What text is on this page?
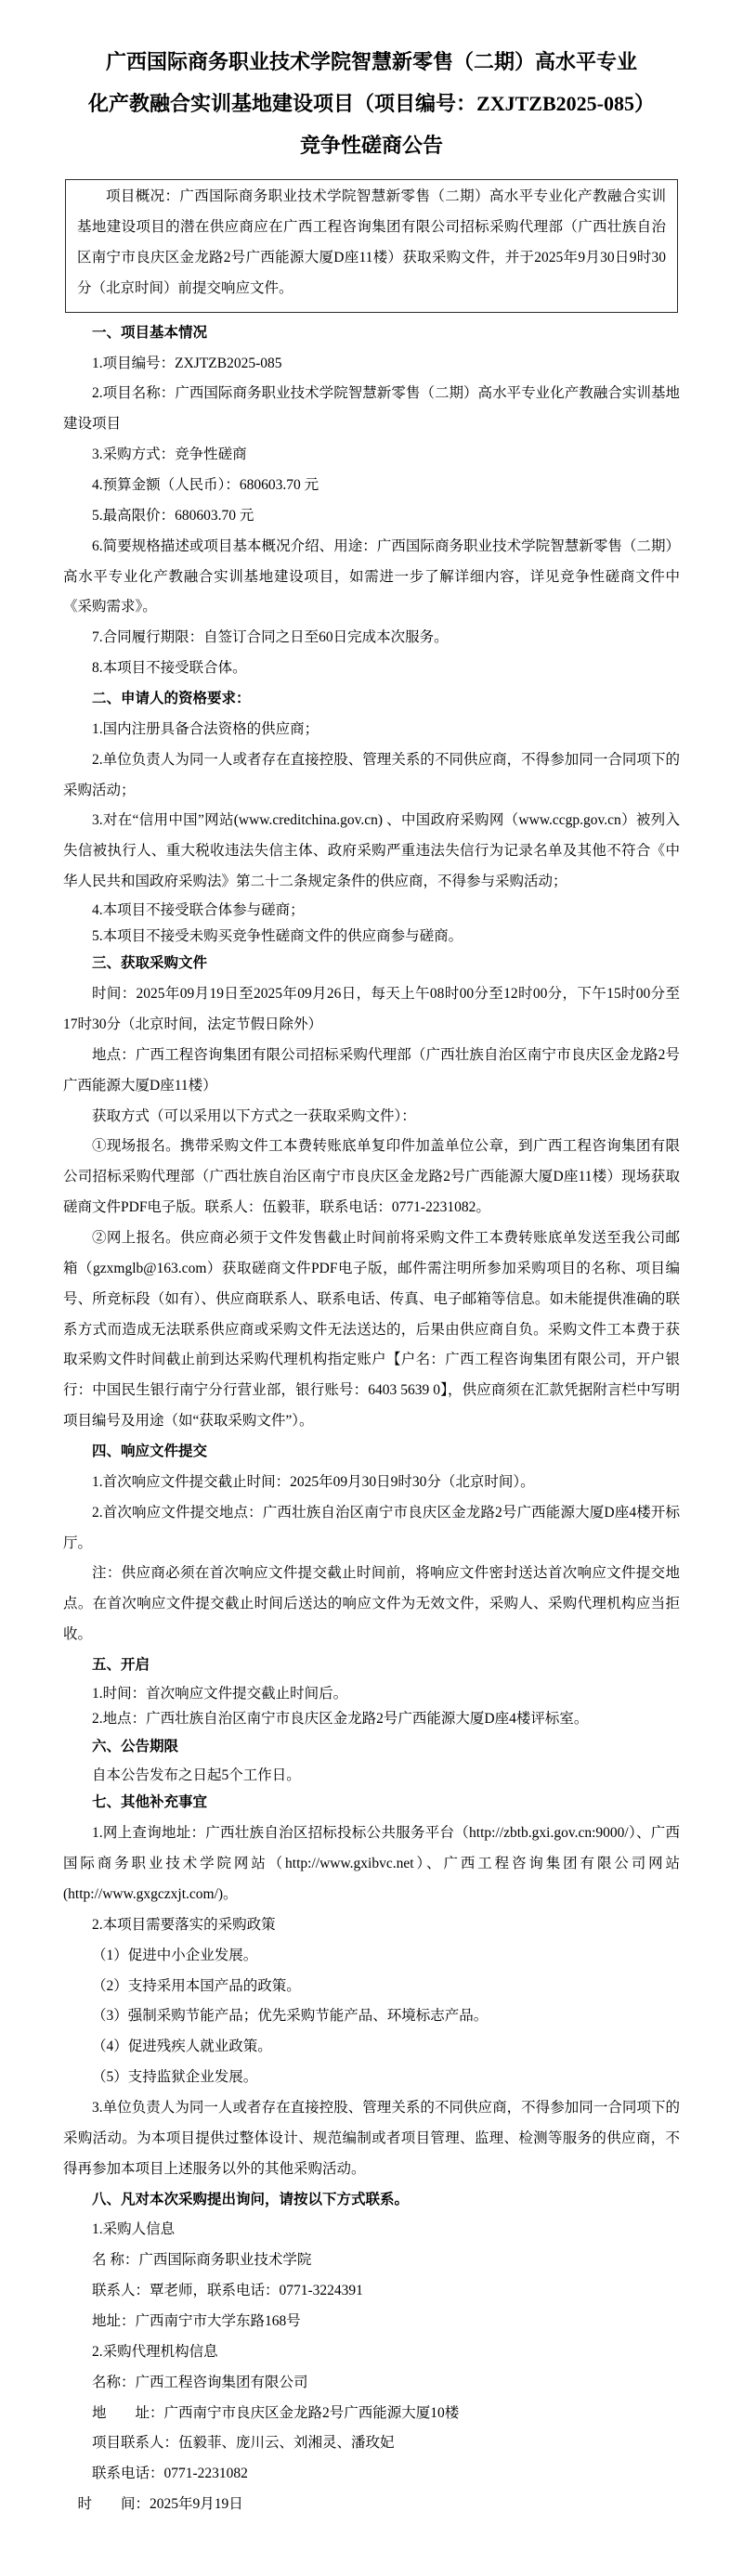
广西国际商务职业技术学院智慧新零售（二期）高水平专业
化产教融合实训基地建设项目（项目编号：ZXJTZB2025-085）
竞争性磋商公告

项目概况：广西国际商务职业技术学院智慧新零售（二期）高水平专业化产教融合实训基地建设项目的潜在供应商应在广西工程咨询集团有限公司招标采购代理部（广西壮族自治区南宁市良庆区金龙路2号广西能源大厦D座11楼）获取采购文件，并于2025年9月30日9时30分（北京时间）前提交响应文件。

一、项目基本情况

1.项目编号：ZXJTZB2025-085

2.项目名称：广西国际商务职业技术学院智慧新零售（二期）高水平专业化产教融合实训基地建设项目

3.采购方式：竞争性磋商

4.预算金额（人民币）：680603.70 元

5.最高限价：680603.70 元

6.简要规格描述或项目基本概况介绍、用途：广西国际商务职业技术学院智慧新零售（二期）高水平专业化产教融合实训基地建设项目，如需进一步了解详细内容，详见竞争性磋商文件中《采购需求》。

7.合同履行期限：自签订合同之日至60日完成本次服务。

8.本项目不接受联合体。

二、申请人的资格要求：

1.国内注册具备合法资格的供应商；

2.单位负责人为同一人或者存在直接控股、管理关系的不同供应商，不得参加同一合同项下的采购活动；

3.对在“信用中国”网站(www.creditchina.gov.cn) 、中国政府采购网（www.ccgp.gov.cn）被列入失信被执行人、重大税收违法失信主体、政府采购严重违法失信行为记录名单及其他不符合《中华人民共和国政府采购法》第二十二条规定条件的供应商，不得参与采购活动；

4.本项目不接受联合体参与磋商；

5.本项目不接受未购买竞争性磋商文件的供应商参与磋商。

三、获取采购文件

时间：2025年09月19日至2025年09月26日，每天上午08时00分至12时00分，下午15时00分至17时30分（北京时间，法定节假日除外）

地点：广西工程咨询集团有限公司招标采购代理部（广西壮族自治区南宁市良庆区金龙路2号广西能源大厦D座11楼）

获取方式（可以采用以下方式之一获取采购文件）：

①现场报名。携带采购文件工本费转账底单复印件加盖单位公章，到广西工程咨询集团有限公司招标采购代理部（广西壮族自治区南宁市良庆区金龙路2号广西能源大厦D座11楼）现场获取磋商文件PDF电子版。联系人：伍毅菲，联系电话：0771-2231082。

②网上报名。供应商必须于文件发售截止时间前将采购文件工本费转账底单发送至我公司邮箱（gzxmglb@163.com）获取磋商文件PDF电子版，邮件需注明所参加采购项目的名称、项目编号、所竞标段（如有）、供应商联系人、联系电话、传真、电子邮箱等信息。如未能提供准确的联系方式而造成无法联系供应商或采购文件无法送达的，后果由供应商自负。采购文件工本费于获取采购文件时间截止前到达采购代理机构指定账户【户名：广西工程咨询集团有限公司，开户银行：中国民生银行南宁分行营业部，银行账号：6403 5639 0】，供应商须在汇款凭据附言栏中写明项目编号及用途（如“获取采购文件”）。

四、响应文件提交

1.首次响应文件提交截止时间：2025年09月30日9时30分（北京时间）。

2.首次响应文件提交地点：广西壮族自治区南宁市良庆区金龙路2号广西能源大厦D座4楼开标厅。

注：供应商必须在首次响应文件提交截止时间前，将响应文件密封送达首次响应文件提交地点。在首次响应文件提交截止时间后送达的响应文件为无效文件，采购人、采购代理机构应当拒收。

五、开启

1.时间：首次响应文件提交截止时间后。

2.地点：广西壮族自治区南宁市良庆区金龙路2号广西能源大厦D座4楼评标室。

六、公告期限

自本公告发布之日起5个工作日。

七、其他补充事宜

1.网上查询地址：广西壮族自治区招标投标公共服务平台（http://zbtb.gxi.gov.cn:9000/）、广西国际商务职业技术学院网站（http://www.gxibvc.net）、广西工程咨询集团有限公司网站(http://www.gxgczxjt.com/)。

2.本项目需要落实的采购政策

（1）促进中小企业发展。

（2）支持采用本国产品的政策。

（3）强制采购节能产品；优先采购节能产品、环境标志产品。

（4）促进残疾人就业政策。

（5）支持监狱企业发展。

3.单位负责人为同一人或者存在直接控股、管理关系的不同供应商，不得参加同一合同项下的采购活动。为本项目提供过整体设计、规范编制或者项目管理、监理、检测等服务的供应商，不得再参加本项目上述服务以外的其他采购活动。

八、凡对本次采购提出询问，请按以下方式联系。

1.采购人信息

名 称：广西国际商务职业技术学院

联系人：覃老师，联系电话：0771-3224391

地址：广西南宁市大学东路168号

2.采购代理机构信息

名称：广西工程咨询集团有限公司

地　　址：广西南宁市良庆区金龙路2号广西能源大厦10楼

项目联系人：伍毅菲、庞川云、刘湘灵、潘玫妃

联系电话：0771-2231082

时　　间：2025年9月19日
